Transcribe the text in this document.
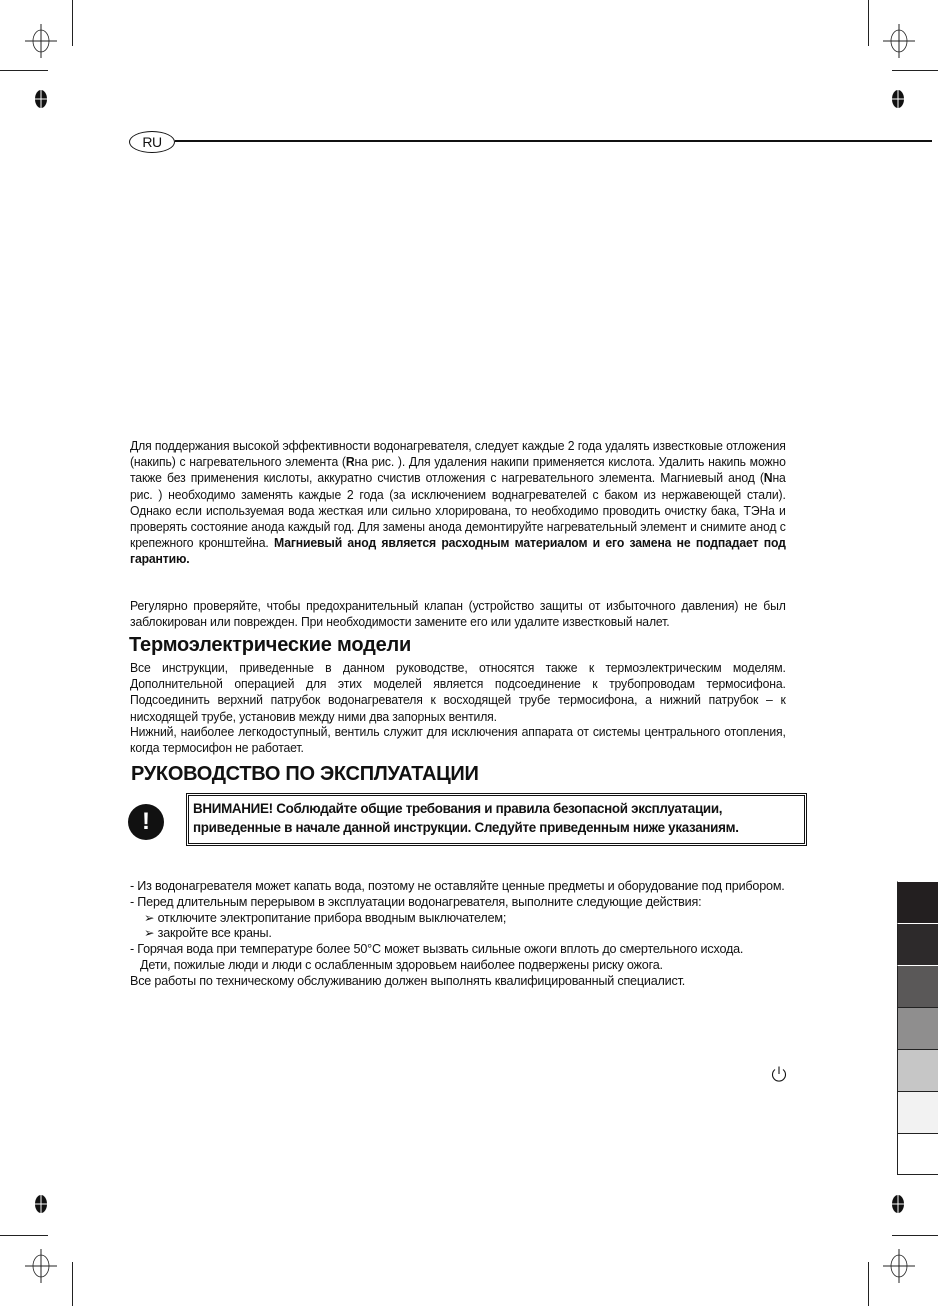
RU
Для поддержания высокой эффективности водонагревателя, следует каждые 2 года удалять известковые отложения (накипь) с нагревательного элемента (Rна рис. ). Для удаления накипи применяется кислота. Удалить накипь можно также без применения кислоты, аккуратно счистив отложения с нагревательного элемента. Магниевый анод (Nна рис. ) необходимо заменять каждые 2 года (за исключением воднагревателей с баком из нержавеющей стали). Однако если используемая вода жесткая или сильно хлорирована, то необходимо проводить очистку бака, ТЭНа и проверять состояние анода каждый год. Для замены анода демонтируйте нагревательный элемент и снимите анод с крепежного кронштейна. Магниевый анод является расходным материалом и его замена не подпадает под гарантию.
Регулярно проверяйте, чтобы предохранительный клапан (устройство защиты от избыточного давления) не был заблокирован или поврежден. При необходимости замените его или удалите известковый налет.
Термоэлектрические модели
Все инструкции, приведенные в данном руководстве, относятся также к термоэлектрическим моделям. Дополнительной операцией для этих моделей является подсоединение к трубопроводам термосифона. Подсоединить верхний патрубок водонагревателя к восходящей трубе термосифона, а нижний патрубок – к нисходящей трубе, установив между ними два запорных вентиля.
Нижний, наиболее легкодоступный, вентиль служит для исключения аппарата от системы центрального отопления, когда термосифон не работает.
РУКОВОДСТВО ПО ЭКСПЛУАТАЦИИ
!	ВНИМАНИЕ! Соблюдайте общие требования и правила безопасной эксплуатации,
приведенные в начале данной инструкции. Следуйте приведенным ниже указаниям.
- Из водонагревателя может капать вода, поэтому не оставляйте ценные предметы и оборудование под прибором.
- Перед длительным перерывом в эксплуатации водонагревателя, выполните следующие действия:
➢ отключите электропитание прибора вводным выключателем;
➢ закройте все краны.
- Горячая вода при температуре более 50°C может вызвать сильные ожоги вплоть до смертельного исхода.
Дети, пожилые люди и люди с ослабленным здоровьем наиболее подвержены риску ожога.
Все работы по техническому обслуживанию должен выполнять квалифицированный специалист.
